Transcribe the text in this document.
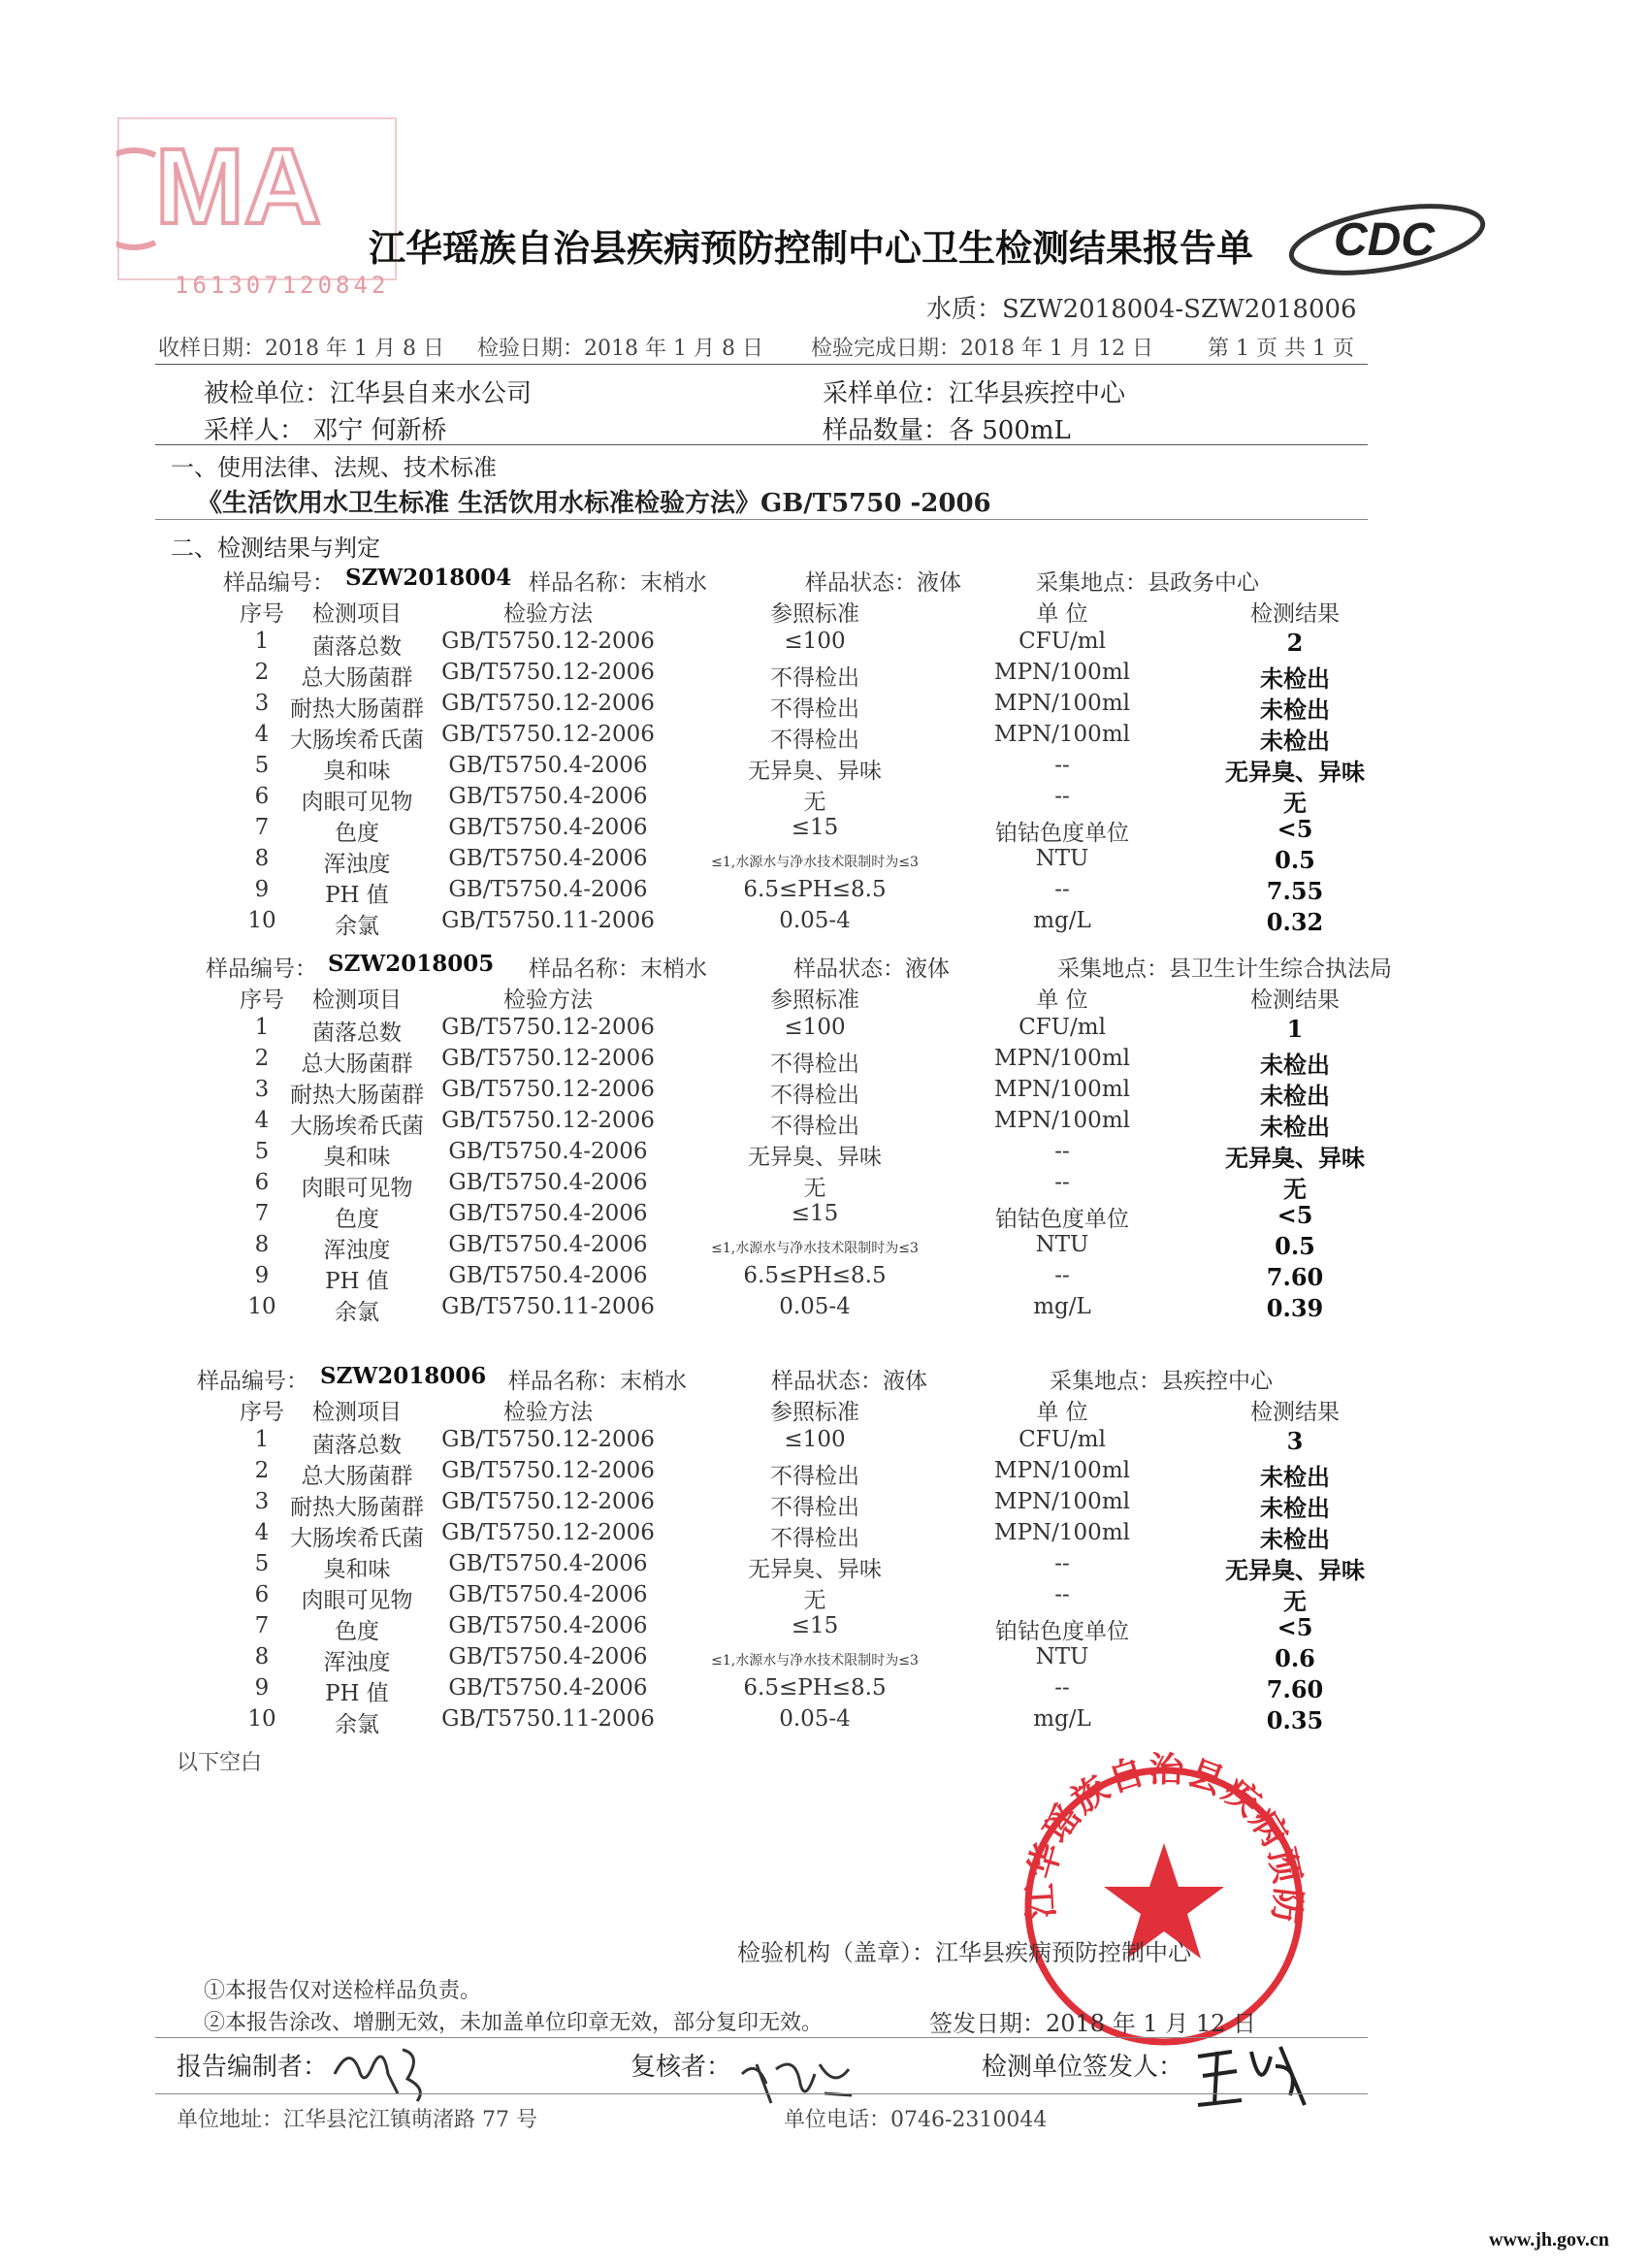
MA
161307120842
江华瑶族自治县疾病预防控制中心卫生检测结果报告单 CDC
水质：SZW2018004-SZW2018006
收样日期：2018 年 1 月 8 日 检验日期：2018 年 1 月 8 日 检验完成日期：2018 年 1 月 12 日	第 1 页 共 1 页
被检单位：江华县自来水公司	采样单位：江华县疾控中心
采样人： 邓宁 何新桥	样品数量：各 500mL
一、使用法律、法规、技术标准
《生活饮用水卫生标准 生活饮用水标准检验方法》GB/T5750 -2006
二、检测结果与判定
样品编号： SZW2018004 样品名称：末梢水	样品状态：液体	采集地点：县政务中心
序号 检测项目	检验方法	参照标准	单 位	检测结果
1 菌落总数 GB/T5750.12-2006	≤100	CFU/ml	2
2 总大肠菌群 GB/T5750.12-2006	不得检出	MPN/100ml	未检出
3 耐热大肠菌群 GB/T5750.12-2006	不得检出	MPN/100ml	未检出
4 大肠埃希氏菌 GB/T5750.12-2006	不得检出	MPN/100ml	未检出
5 臭和味	GB/T5750.4-2006	无异臭、异味	--	无异臭、异味
6 肉眼可见物 GB/T5750.4-2006	无	--	无
7	色度	GB/T5750.4-2006	≤15	铂钴色度单位	<5
8 浑浊度	GB/T5750.4-2006	≤1,水源水与净水技术限制时为≤3	NTU	0.5
9	PH 值	GB/T5750.4-2006	6.5≤PH≤8.5	--	7.55
10	余氯	GB/T5750.11-2006	0.05-4	mg/L	0.32
样品编号： SZW2018005 样品名称：末梢水	样品状态：液体	采集地点：县卫生计生综合执法局
序号 检测项目	检验方法	参照标准	单 位	检测结果
1 菌落总数 GB/T5750.12-2006	≤100	CFU/ml	1
2 总大肠菌群 GB/T5750.12-2006	不得检出	MPN/100ml	未检出
3 耐热大肠菌群 GB/T5750.12-2006	不得检出	MPN/100ml	未检出
4 大肠埃希氏菌 GB/T5750.12-2006	不得检出	MPN/100ml	未检出
5 臭和味	GB/T5750.4-2006	无异臭、异味	--	无异臭、异味
6 肉眼可见物 GB/T5750.4-2006	无	--	无
7	色度	GB/T5750.4-2006	≤15	铂钴色度单位	<5
8 浑浊度	GB/T5750.4-2006	≤1,水源水与净水技术限制时为≤3	NTU	0.5
9	PH 值	GB/T5750.4-2006	6.5≤PH≤8.5	--	7.60
10	余氯	GB/T5750.11-2006	0.05-4	mg/L	0.39
样品编号： SZW2018006 样品名称：末梢水	样品状态：液体	采集地点：县疾控中心
序号 检测项目	检验方法	参照标准	单 位	检测结果
1 菌落总数 GB/T5750.12-2006	≤100	CFU/ml	3
2 总大肠菌群 GB/T5750.12-2006	不得检出	MPN/100ml	未检出
3 耐热大肠菌群 GB/T5750.12-2006	不得检出	MPN/100ml	未检出
4 大肠埃希氏菌 GB/T5750.12-2006	不得检出	MPN/100ml	未检出
5 臭和味	GB/T5750.4-2006	无异臭、异味	--	无异臭、异味
6 肉眼可见物 GB/T5750.4-2006	无	--	无
7	色度	GB/T5750.4-2006	≤15	铂钴色度单位	<5
8 浑浊度	GB/T5750.4-2006	≤1,水源水与净水技术限制时为≤3	NTU	0.6
9	PH 值	GB/T5750.4-2006	6.5≤PH≤8.5	--	7.60
10	余氯	GB/T5750.11-2006	0.05-4	mg/L	0.35
以下空白
江华瑶族自治县疾病预防
检验机构（盖章）：江华县疾病预防控制中心
①本报告仅对送检样品负责。
②本报告涂改、增删无效，未加盖单位印章无效，部分复印无效。	签发日期：2018 年 1 月 12 日
报告编制者：	复核者：	检测单位签发人：
单位地址：江华县沱江镇萌渚路 77 号	单位电话：0746-2310044
www.jh.gov.cn
